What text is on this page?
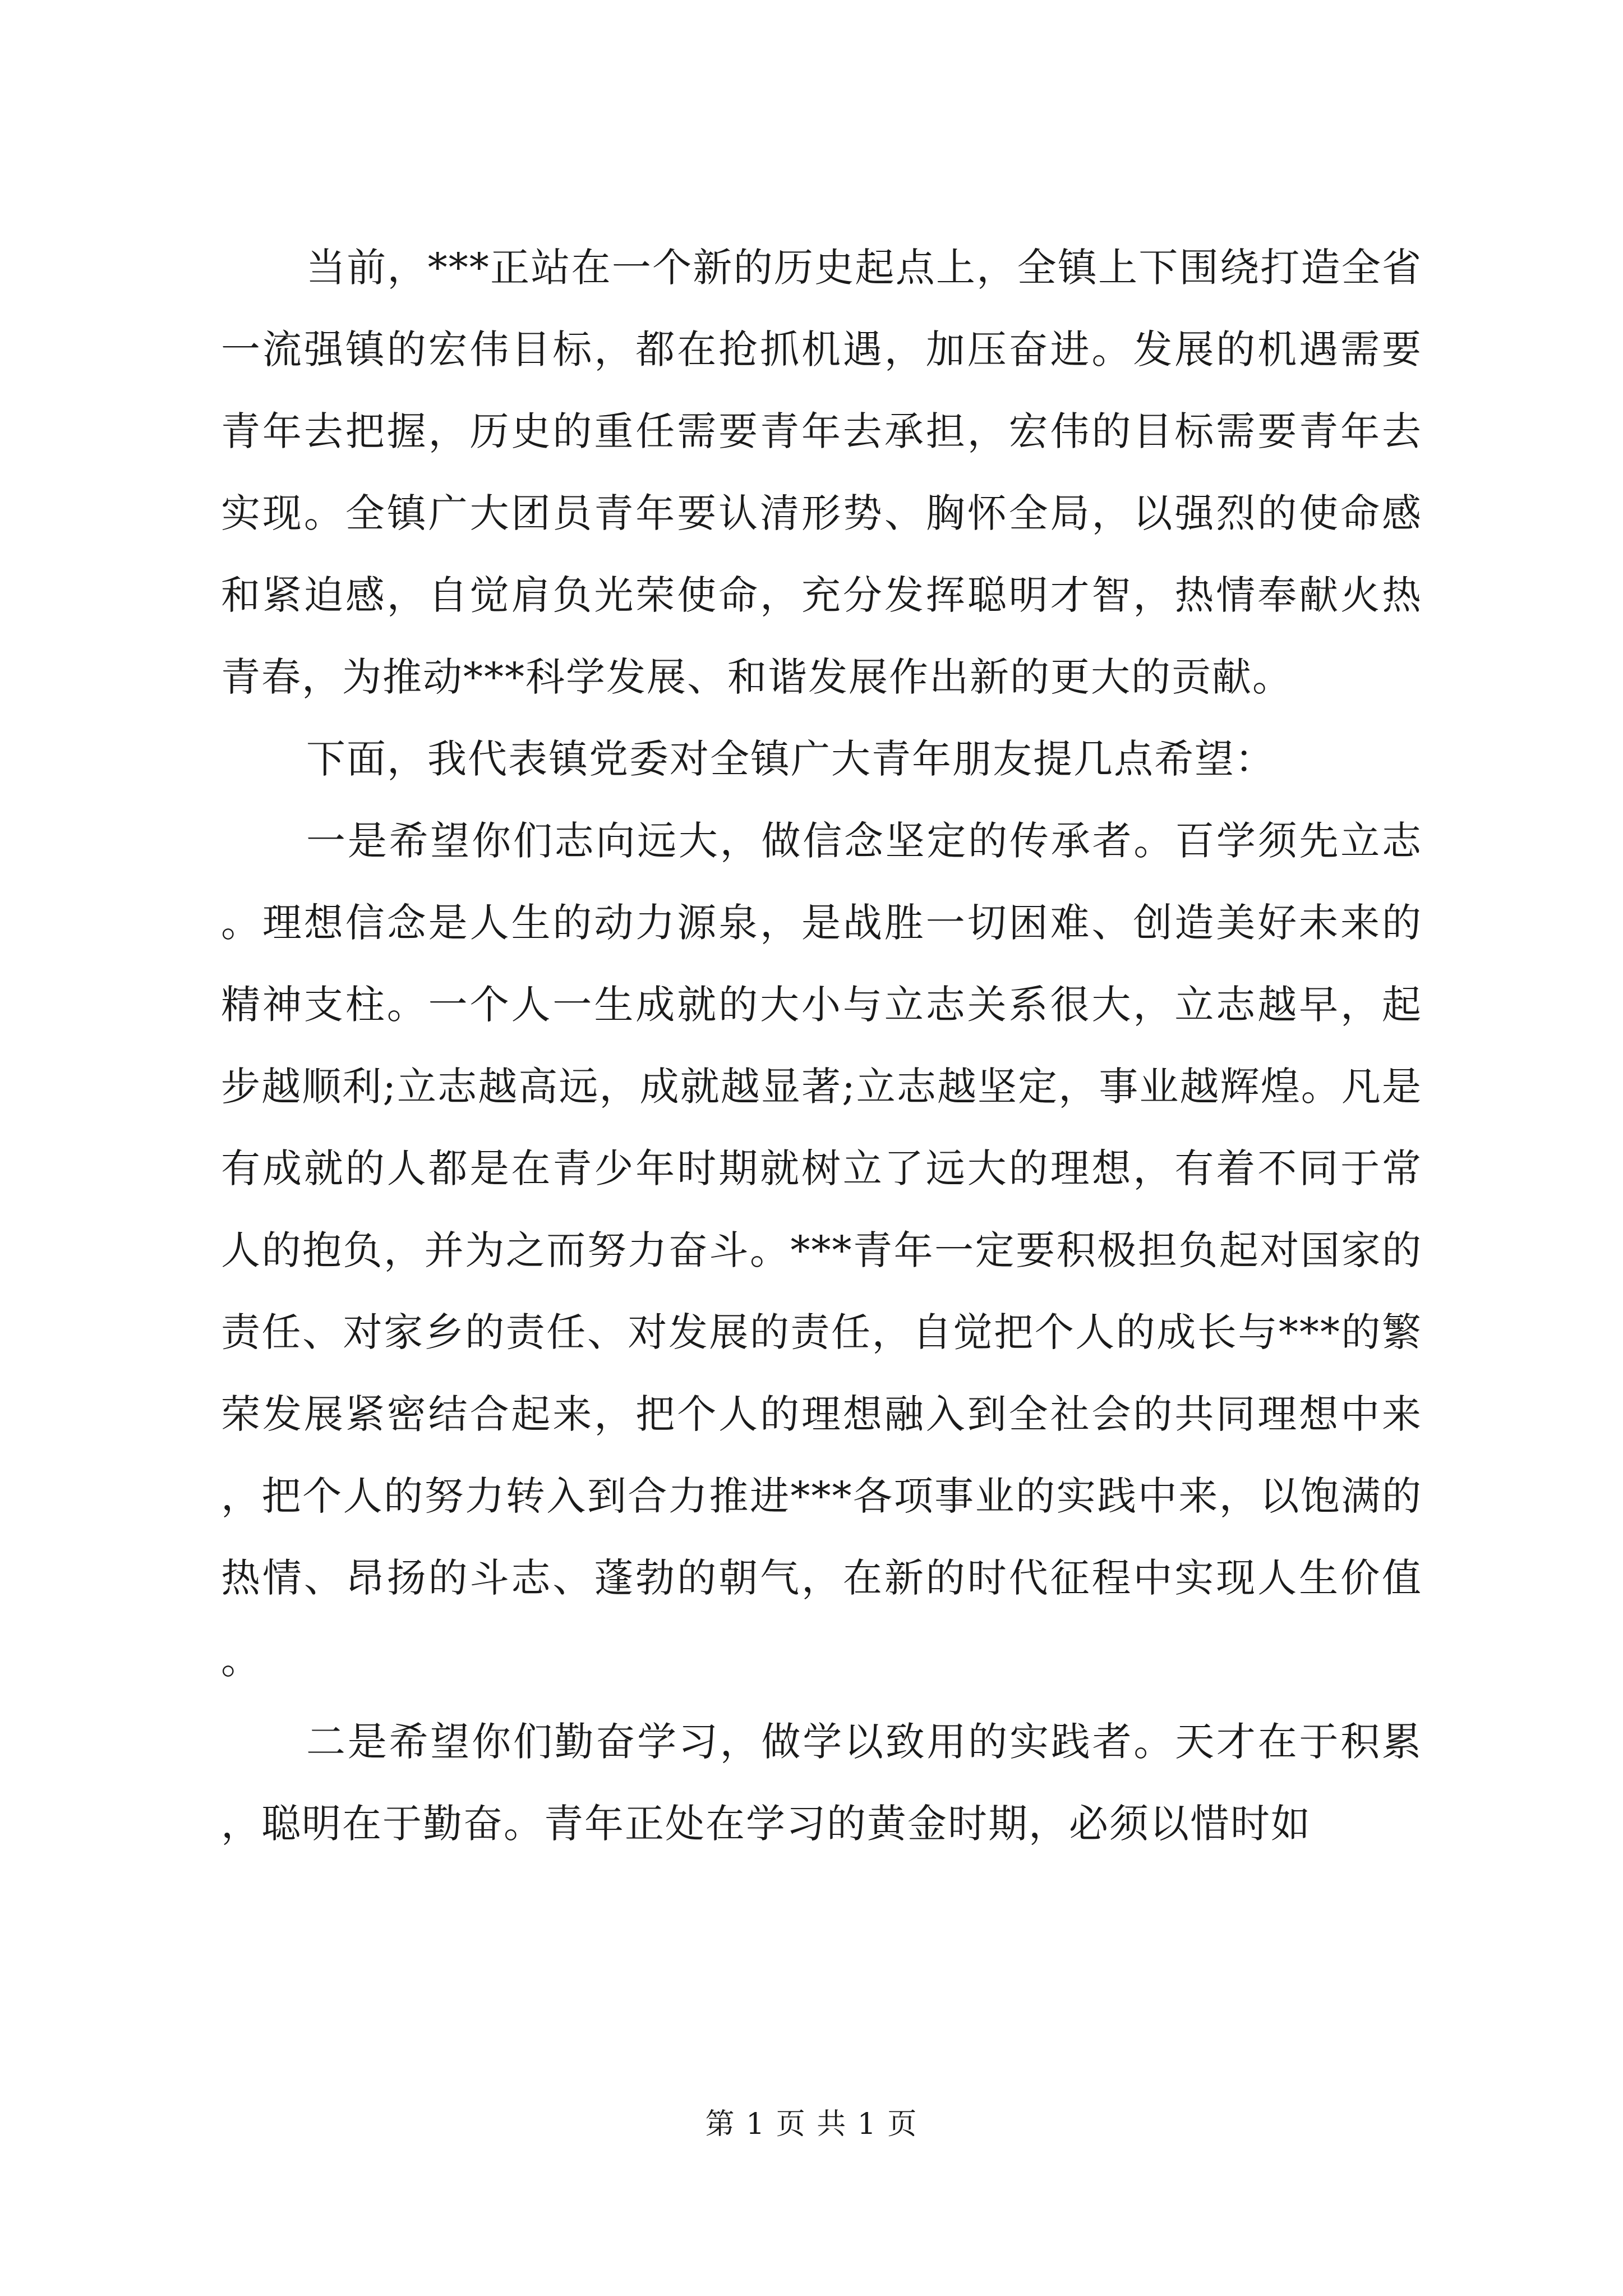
当前，***正站在一个新的历史起点上，全镇上下围绕打造全省一流强镇的宏伟目标，都在抢抓机遇，加压奋进。发展的机遇需要青年去把握，历史的重任需要青年去承担，宏伟的目标需要青年去实现。全镇广大团员青年要认清形势、胸怀全局，以强烈的使命感和紧迫感，自觉肩负光荣使命，充分发挥聪明才智，热情奉献火热青春，为推动***科学发展、和谐发展作出新的更大的贡献。

下面，我代表镇党委对全镇广大青年朋友提几点希望：

一是希望你们志向远大，做信念坚定的传承者。百学须先立志。理想信念是人生的动力源泉，是战胜一切困难、创造美好未来的精神支柱。一个人一生成就的大小与立志关系很大，立志越早，起步越顺利;立志越高远，成就越显著;立志越坚定，事业越辉煌。凡是有成就的人都是在青少年时期就树立了远大的理想，有着不同于常人的抱负，并为之而努力奋斗。***青年一定要积极担负起对国家的责任、对家乡的责任、对发展的责任，自觉把个人的成长与***的繁荣发展紧密结合起来，把个人的理想融入到全社会的共同理想中来，把个人的努力转入到合力推进***各项事业的实践中来，以饱满的热情、昂扬的斗志、蓬勃的朝气，在新的时代征程中实现人生价值。

二是希望你们勤奋学习，做学以致用的实践者。天才在于积累，聪明在于勤奋。青年正处在学习的黄金时期，必须以惜时如

第 1 页 共 1 页
